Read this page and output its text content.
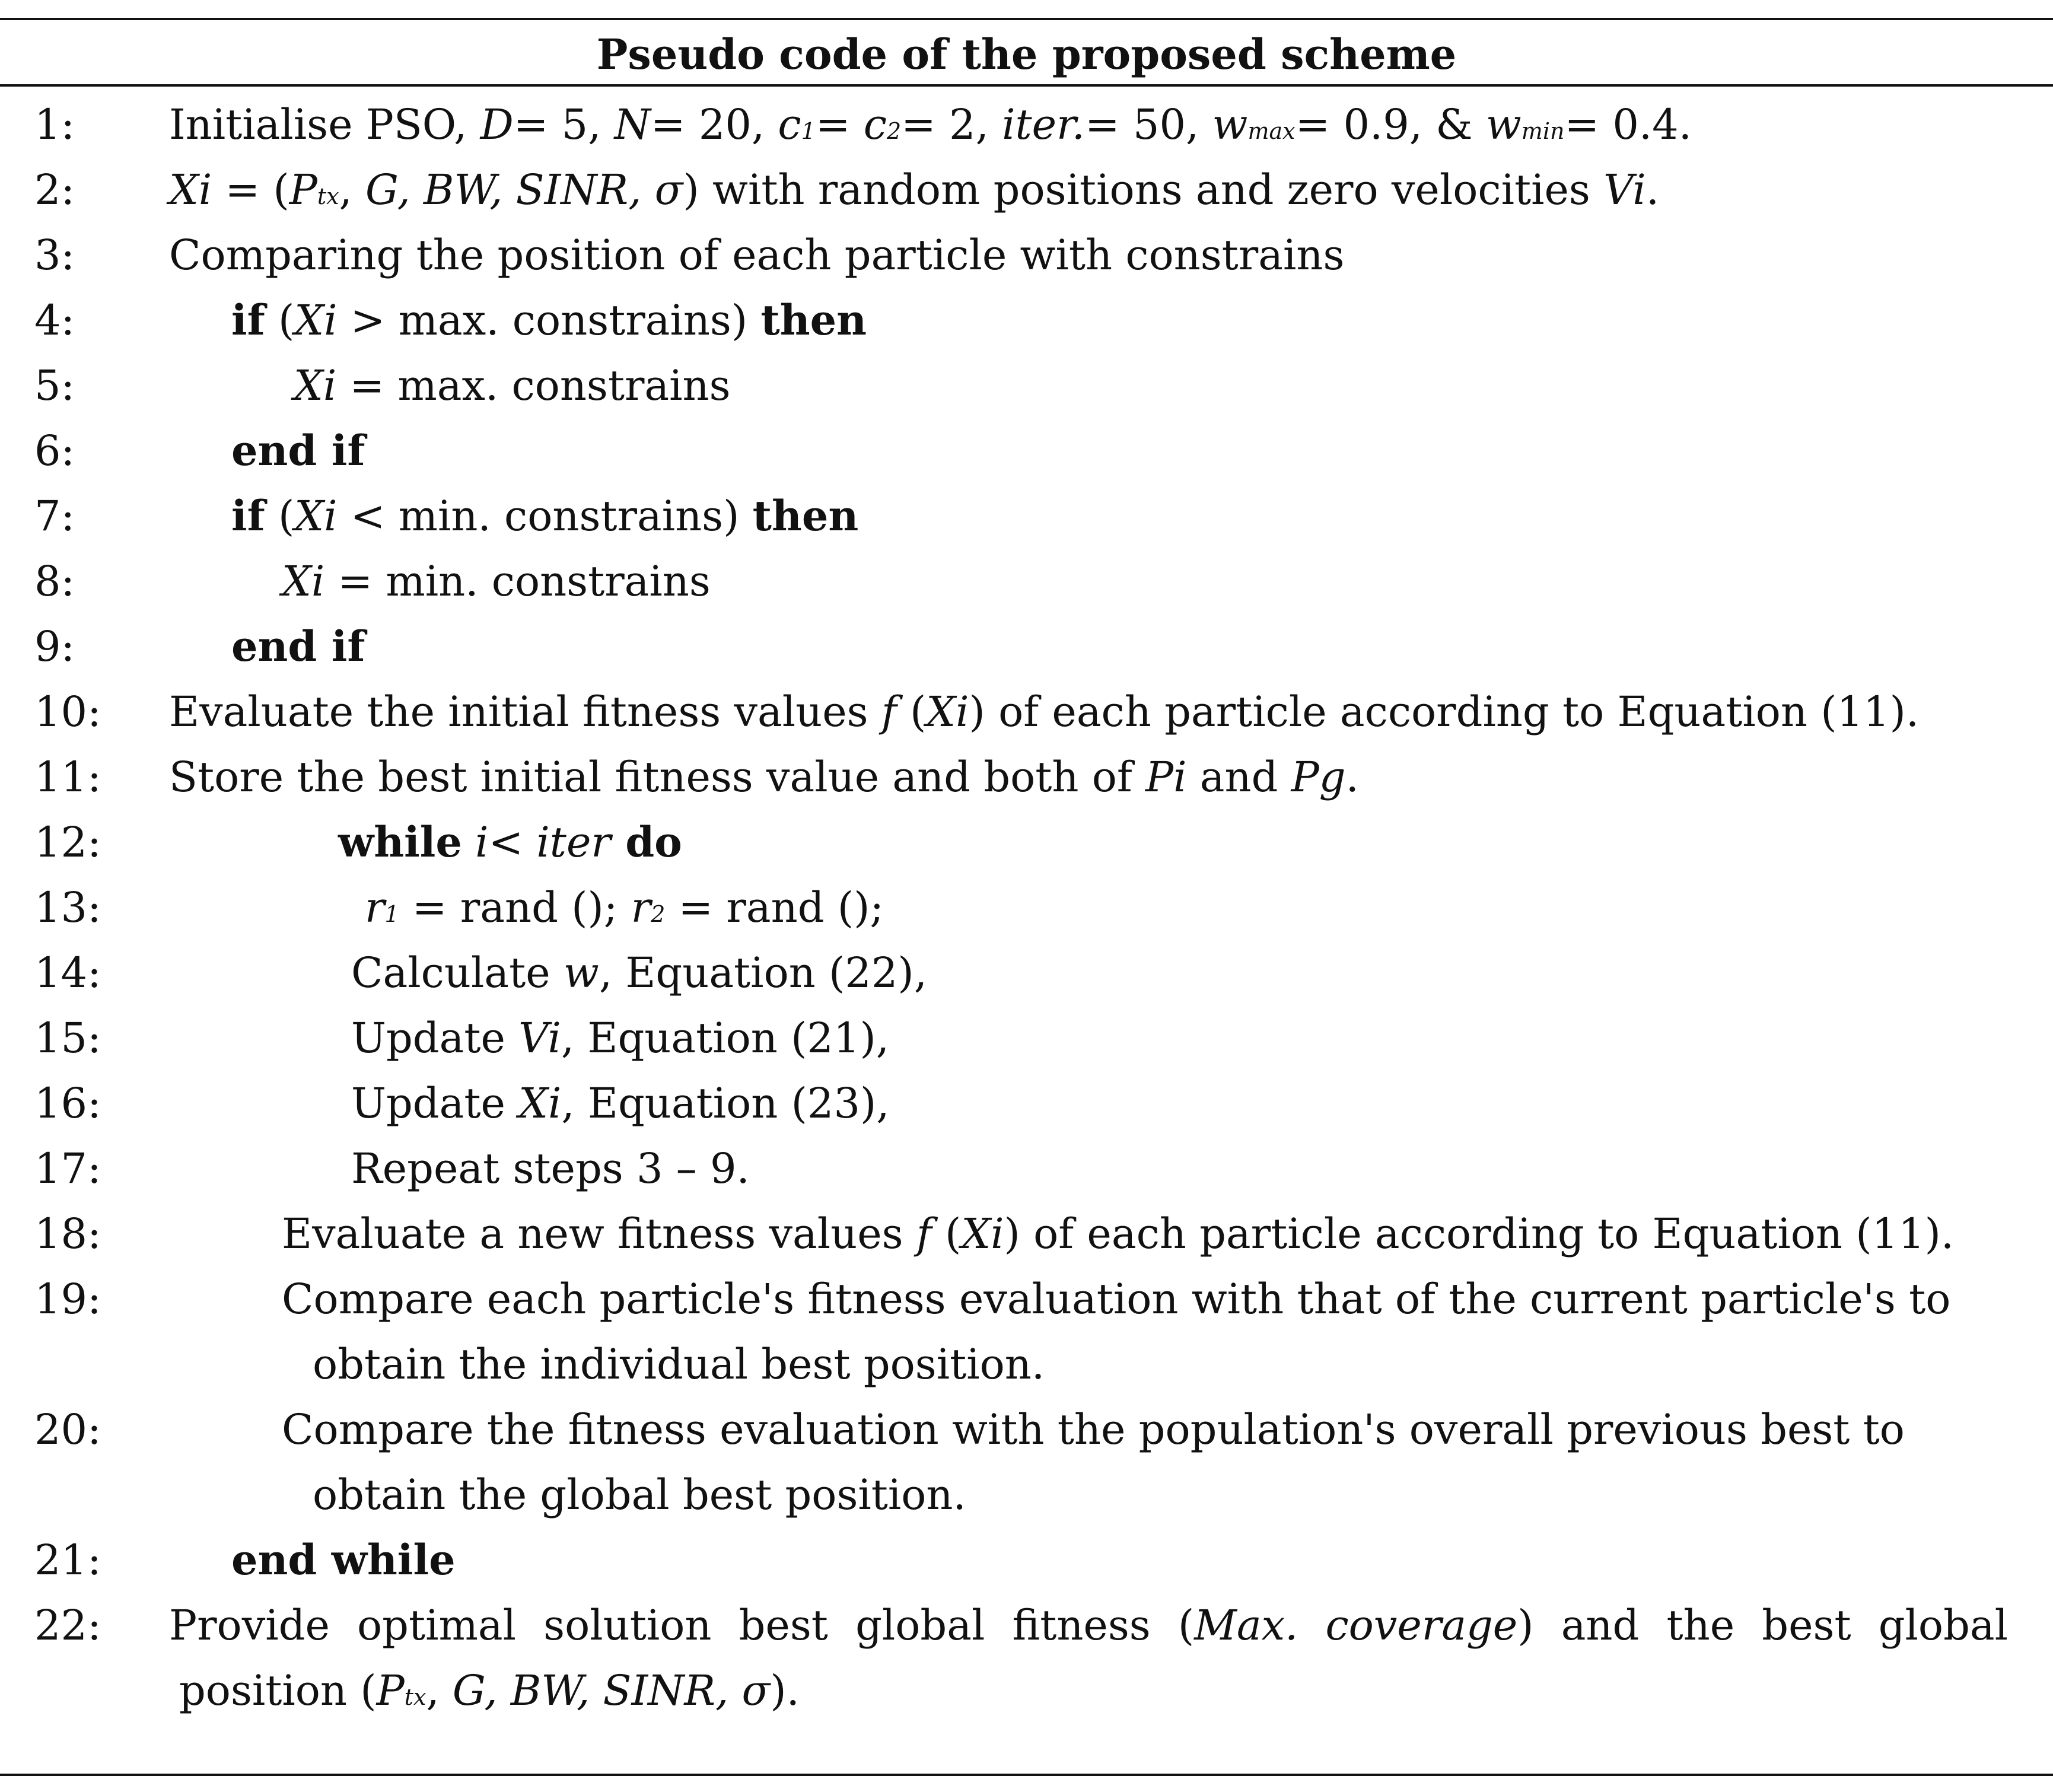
Pseudo code of the proposed scheme
1: Initialise PSO, D= 5, N= 20, c1= c2= 2, iter.= 50, wmax= 0.9, & wmin= 0.4.
2: Xi = (Ptx, G, BW, SINR, σ) with random positions and zero velocities Vi.
3: Comparing the position of each particle with constrains
4:	if (Xi > max. constrains) then
5:	Xi = max. constrains
6:	end if
7:	if (Xi < min. constrains) then
8:	Xi = min. constrains
9:	end if
10: Evaluate the initial fitness values f (Xi) of each particle according to Equation (11).
11: Store the best initial fitness value and both of Pi and Pg.
12:	while i< iter do
13:	r1 = rand (); r2 = rand ();
14:	Calculate w, Equation (22),
15:	Update Vi, Equation (21),
16:	Update Xi, Equation (23),
17:	Repeat steps 3 – 9.
18:	Evaluate a new fitness values f (Xi) of each particle according to Equation (11).
19:	Compare each particle's fitness evaluation with that of the current particle's to
obtain the individual best position.
20:	Compare the fitness evaluation with the population's overall previous best to
obtain the global best position.
21:	end while
22: Provide optimal solution best global fitness (Max. coverage) and the best global
position (Ptx, G, BW, SINR, σ).
